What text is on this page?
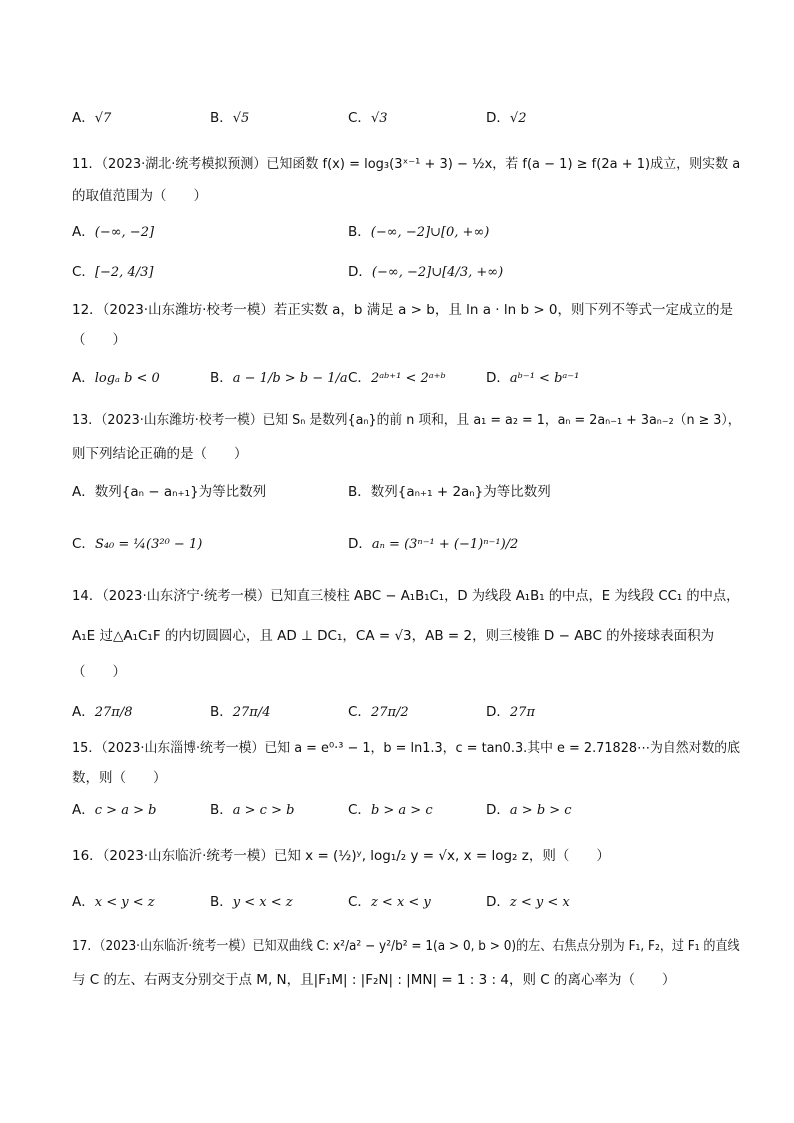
A．√7	B．√5	C．√3	D．√2
11．（2023·湖北·统考模拟预测）已知函数 f(x) = log₃(3ˣ⁻¹ + 3) − ½x，若 f(a − 1) ≥ f(2a + 1)成立，则实数 a
的取值范围为（　　）
A．(−∞, −2]	B．(−∞, −2]∪[0, +∞)
C．[−2, 4/3]	D．(−∞, −2]∪[4/3, +∞)
12．（2023·山东潍坊·校考一模）若正实数 a，b 满足 a > b，且 ln a · ln b > 0，则下列不等式一定成立的是
（　　）
A．logₐ b < 0	B．a − 1/b > b − 1/a C．2ᵃᵇ⁺¹ < 2ᵃ⁺ᵇ	D．aᵇ⁻¹ < bᵃ⁻¹
13．（2023·山东潍坊·校考一模）已知 Sₙ 是数列{aₙ}的前 n 项和，且 a₁ = a₂ = 1，aₙ = 2aₙ₋₁ + 3aₙ₋₂（n ≥ 3），
则下列结论正确的是（　　）
A．数列{aₙ − aₙ₊₁}为等比数列	B．数列{aₙ₊₁ + 2aₙ}为等比数列
C．S₄₀ = ¼(3²⁰ − 1)	D．aₙ = (3ⁿ⁻¹ + (−1)ⁿ⁻¹)/2
14．（2023·山东济宁·统考一模）已知直三棱柱 ABC − A₁B₁C₁，D 为线段 A₁B₁ 的中点，E 为线段 CC₁ 的中点，
A₁E 过△A₁C₁F 的内切圆圆心，且 AD ⊥ DC₁，CA = √3，AB = 2，则三棱锥 D − ABC 的外接球表面积为
（　　）
A．27π/8	B．27π/4	C．27π/2	D．27π
15．（2023·山东淄博·统考一模）已知 a = e⁰·³ − 1，b = ln1.3，c = tan0.3.其中 e = 2.71828⋯为自然对数的底
数，则（　　）
A．c > a > b	B．a > c > b	C．b > a > c	D．a > b > c
16．（2023·山东临沂·统考一模）已知 x = (½)ʸ, log₁/₂ y = √x, x = log₂ z，则（　　）
A．x < y < z	B．y < x < z	C．z < x < y	D．z < y < x
17．（2023·山东临沂·统考一模）已知双曲线 C: x²/a² − y²/b² = 1(a > 0, b > 0)的左、右焦点分别为 F₁, F₂，过 F₁ 的直线
与 C 的左、右两支分别交于点 M, N，且|F₁M| : |F₂N| : |MN| = 1 : 3 : 4，则 C 的离心率为（　　）
